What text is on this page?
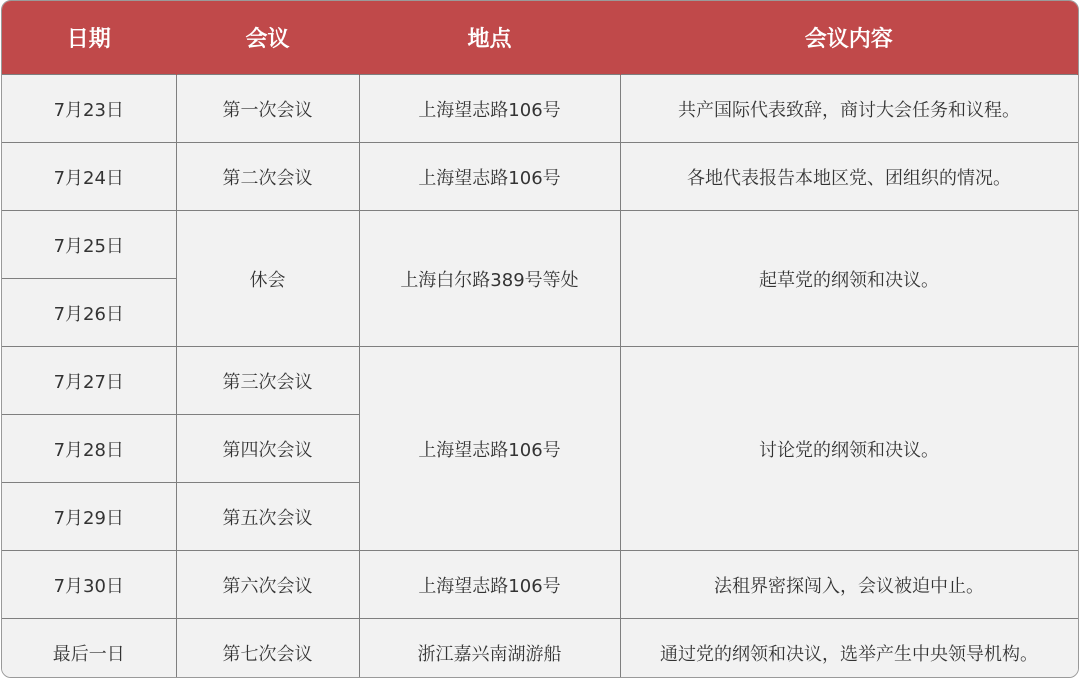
日期	会议	地点	会议内容
7月23日	第一次会议	上海望志路106号	共产国际代表致辞，商讨大会任务和议程。
7月24日	第二次会议	上海望志路106号	各地代表报告本地区党、团组织的情况。
7月25日	休会	上海白尔路389号等处	起草党的纲领和决议。
7月26日			
7月27日	第三次会议	上海望志路106号	讨论党的纲领和决议。
7月28日	第四次会议		
7月29日	第五次会议		
7月30日	第六次会议	上海望志路106号	法租界密探闯入，会议被迫中止。
最后一日	第七次会议	浙江嘉兴南湖游船	通过党的纲领和决议，选举产生中央领导机构。
